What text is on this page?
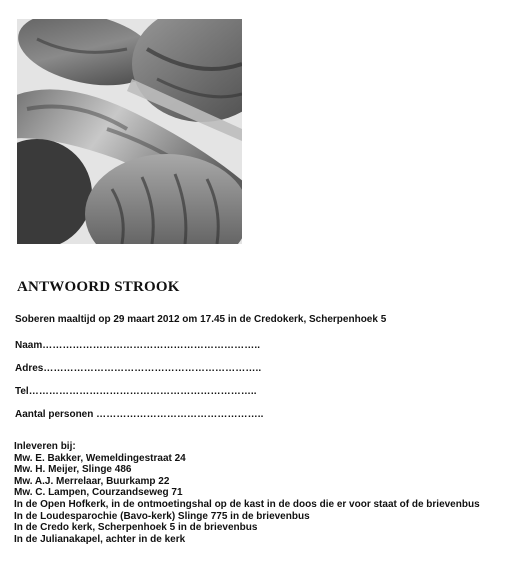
ANTWOORD STROOK
Soberen maaltijd op 29 maart 2012 om 17.45 in de Credokerk, Scherpenhoek 5
Naam………………………………………………………..
Adres………………………………………………………..
Tel…………………………………………………………..
Aantal personen …………………………………………..
Inleveren bij:
Mw. E. Bakker, Wemeldingestraat 24
Mw. H. Meijer, Slinge 486
Mw. A.J. Merrelaar, Buurkamp 22
Mw. C. Lampen, Courzandseweg 71
In de Open Hofkerk, in de ontmoetingshal op de kast in de doos die er voor staat of de brievenbus
In de Loudesparochie (Bavo-kerk) Slinge 775 in de brievenbus
In de Credo kerk, Scherpenhoek 5 in de brievenbus
In de Julianakapel, achter in de kerk
